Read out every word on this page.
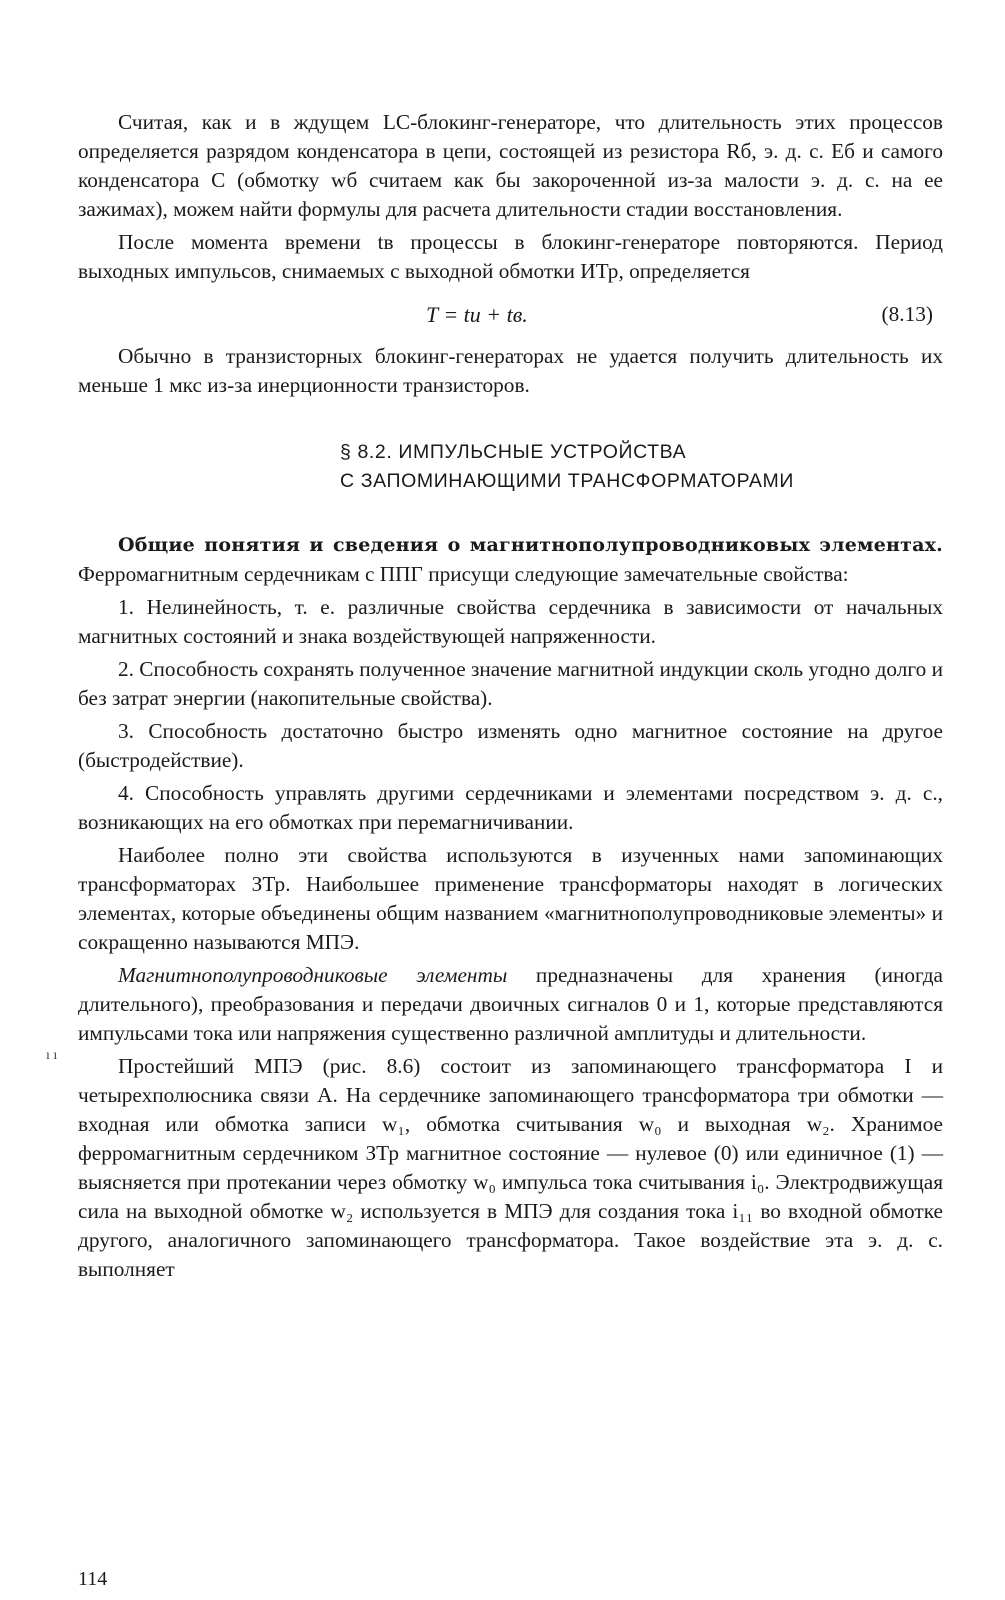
Считая, как и в ждущем LC-блокинг-генераторе, что длительность этих процессов определяется разрядом конденсатора в цепи, состоящей из резистора Rб, э. д. с. Eб и самого конденсатора C (обмотку wб считаем как бы закороченной из-за малости э. д. с. на ее зажимах), можем найти формулы для расчета длительности стадии восстановления.

После момента времени tв процессы в блокинг-генераторе повторяются. Период выходных импульсов, снимаемых с выходной обмотки ИТр, определяется

T = tи + tв.	(8.13)

Обычно в транзисторных блокинг-генераторах не удается получить длительность их меньше 1 мкс из-за инерционности транзисторов.

§ 8.2. ИМПУЛЬСНЫЕ УСТРОЙСТВА
С ЗАПОМИНАЮЩИМИ ТРАНСФОРМАТОРАМИ

Общие понятия и сведения о магнитнополупроводниковых элементах. Ферромагнитным сердечникам с ППГ присущи следующие замечательные свойства:

1. Нелинейность, т. е. различные свойства сердечника в зависимости от начальных магнитных состояний и знака воздействующей напряженности.

2. Способность сохранять полученное значение магнитной индукции сколь угодно долго и без затрат энергии (накопительные свойства).

3. Способность достаточно быстро изменять одно магнитное состояние на другое (быстродействие).

4. Способность управлять другими сердечниками и элементами посредством э. д. с., возникающих на его обмотках при перемагничивании.

Наиболее полно эти свойства используются в изученных нами запоминающих трансформаторах ЗТр. Наибольшее применение трансформаторы находят в логических элементах, которые объединены общим названием «магнитнополупроводниковые элементы» и сокращенно называются МПЭ.

Магнитнополупроводниковые элементы предназначены для хранения (иногда длительного), преобразования и передачи двоичных сигналов 0 и 1, которые представляются импульсами тока или напряжения существенно различной амплитуды и длительности.

Простейший МПЭ (рис. 8.6) состоит из запоминающего трансформатора I и четырехполюсника связи A. На сердечнике запоминающего трансформатора три обмотки — входная или обмотка записи w₁, обмотка считывания w₀ и выходная w₂. Хранимое ферромагнитным сердечником ЗТр магнитное состояние — нулевое (0) или единичное (1) — выясняется при протекании через обмотку w₀ импульса тока считывания i₀. Электродвижущая сила на выходной обмотке w₂ используется в МПЭ для создания тока i₁₁ во входной обмотке другого, аналогичного запоминающего трансформатора. Такое воздействие эта э. д. с. выполняет

ı ı
114
